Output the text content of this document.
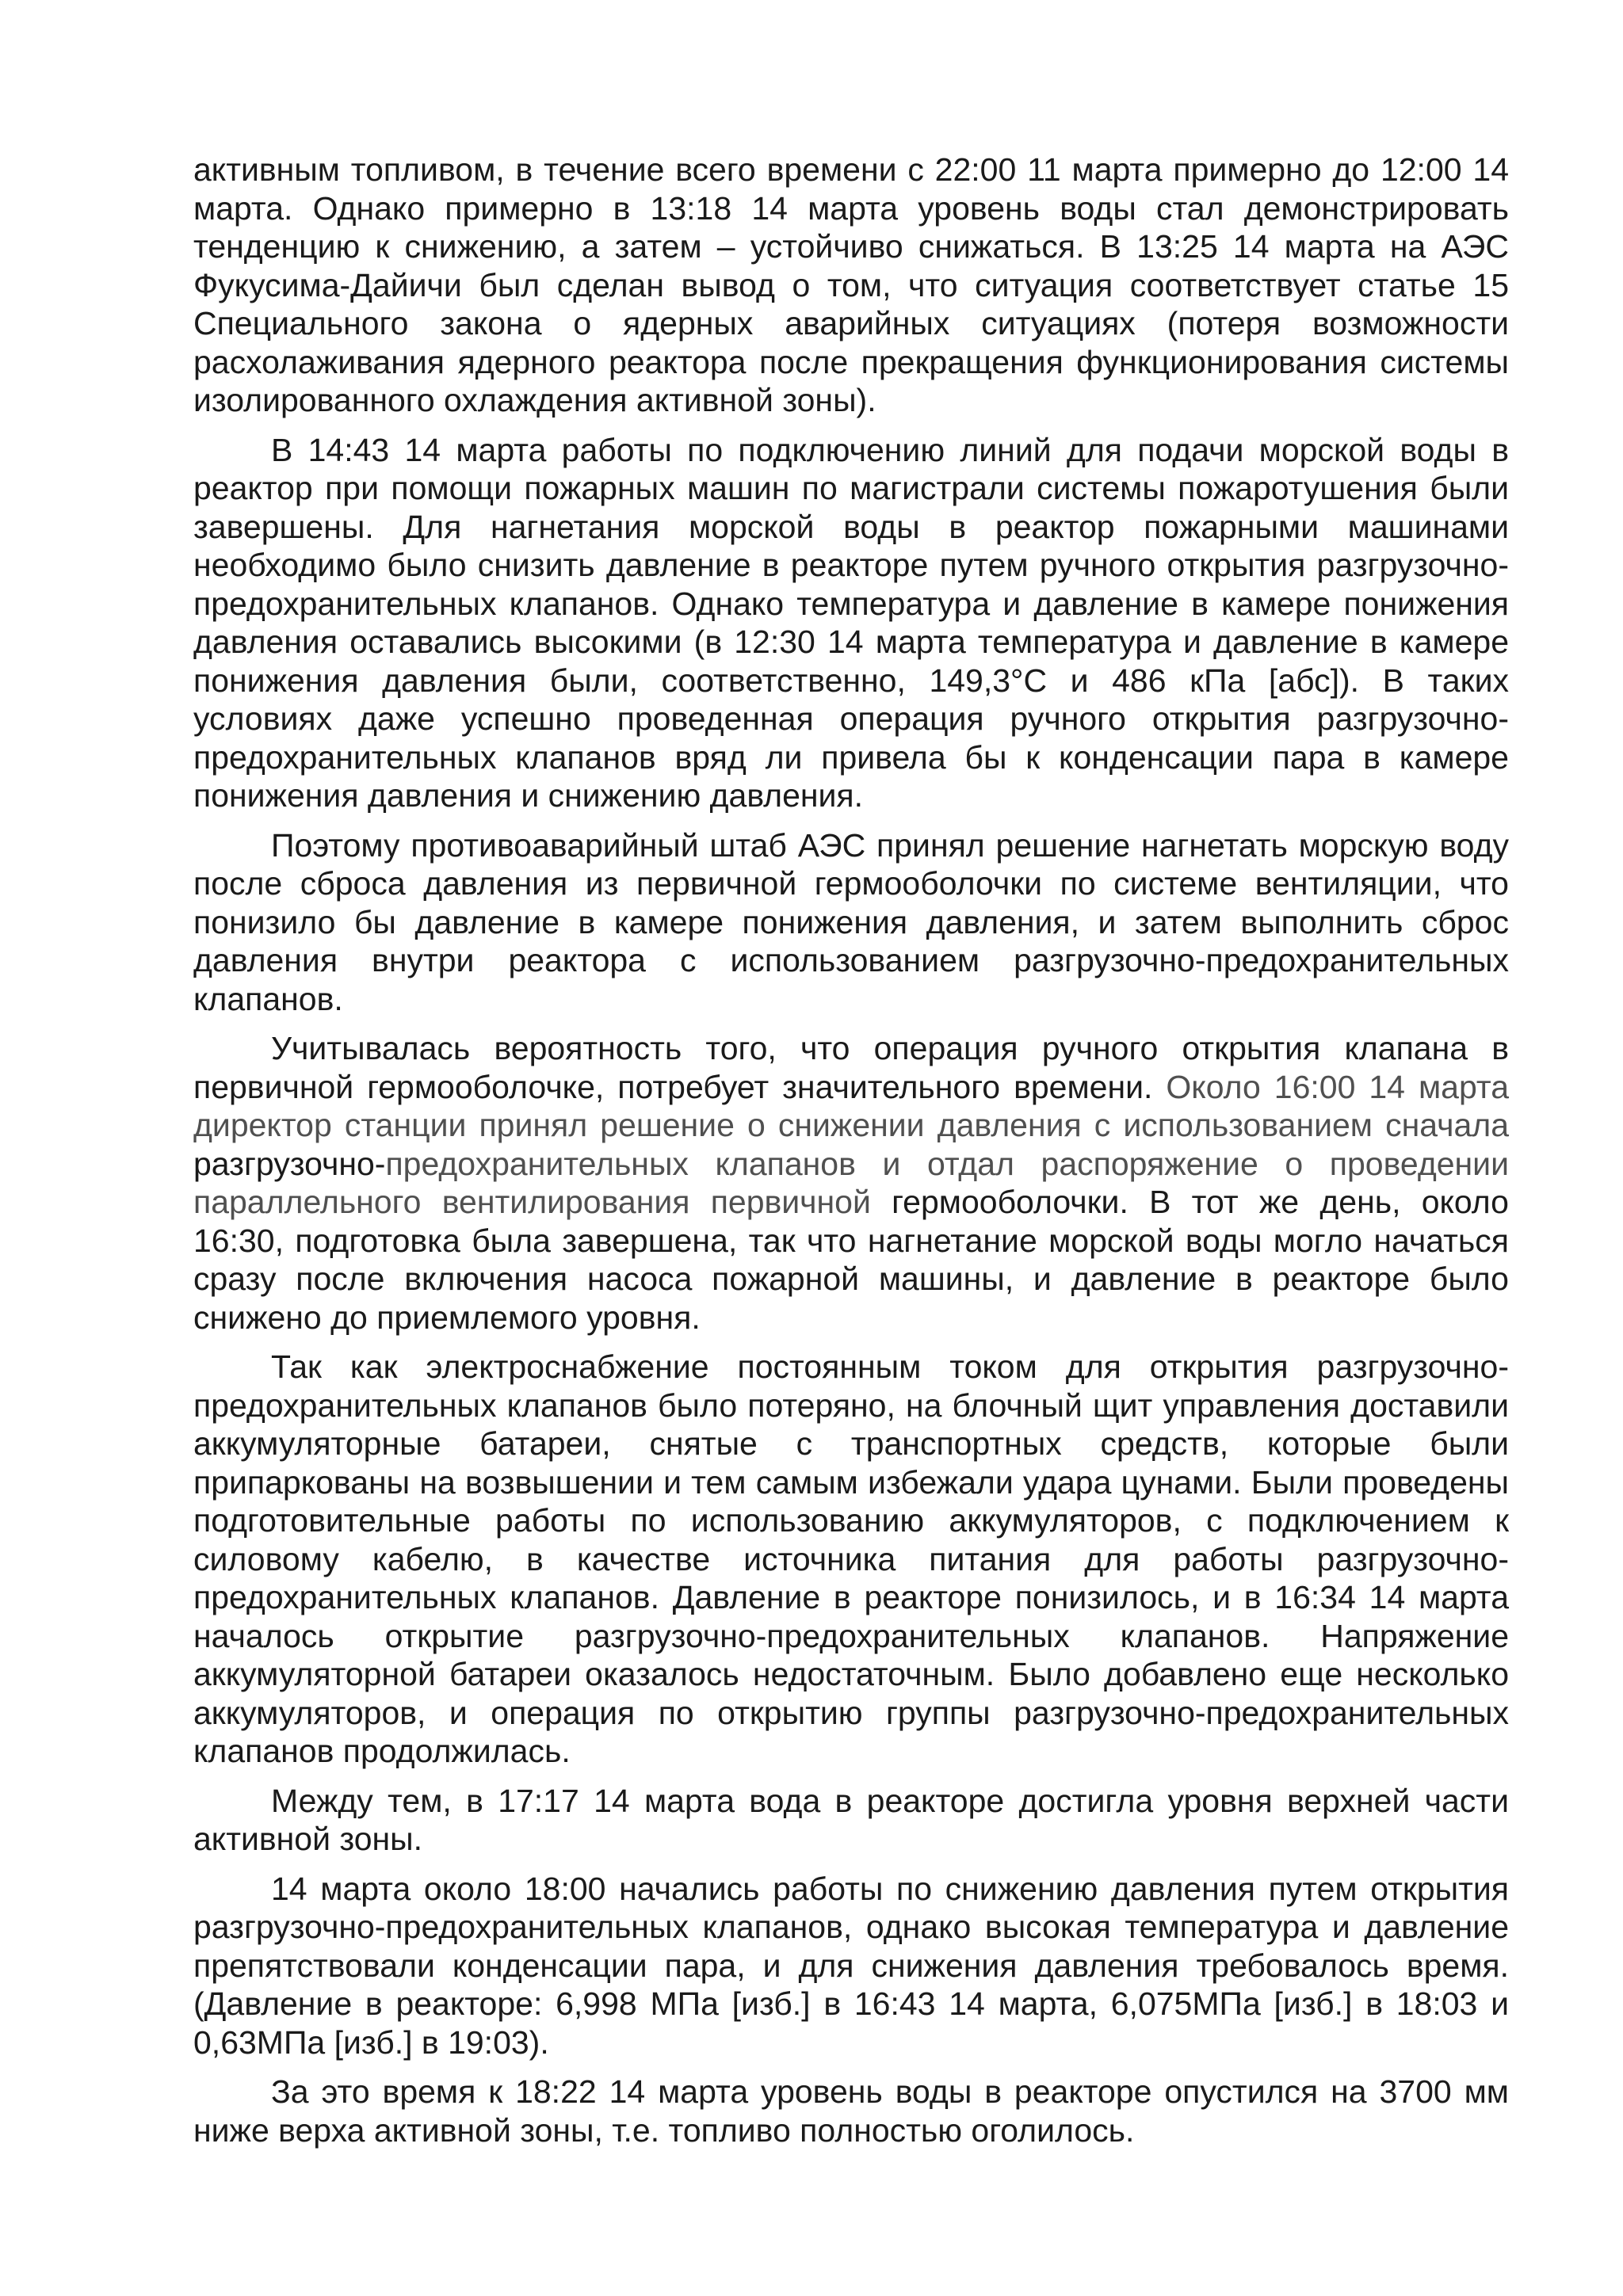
активным топливом, в течение всего времени с 22:00 11 марта примерно до 12:00 14 марта. Однако примерно в 13:18 14 марта уровень воды стал демонстрировать тенденцию к снижению, а затем – устойчиво снижаться. В 13:25 14 марта на АЭС Фукусима-Дайичи был сделан вывод о том, что ситуация соответствует статье 15 Специального закона о ядерных аварийных ситуациях (потеря возможности расхолаживания ядерного реактора после прекращения функционирования системы изолированного охлаждения активной зоны).

В 14:43 14 марта работы по подключению линий для подачи морской воды в реактор при помощи пожарных машин по магистрали системы пожаротушения были завершены. Для нагнетания морской воды в реактор пожарными машинами необходимо было снизить давление в реакторе путем ручного открытия разгрузочно-предохранительных клапанов. Однако температура и давление в камере понижения давления оставались высокими (в 12:30 14 марта температура и давление в камере понижения давления были, соответственно, 149,3°С и 486 кПа [абс]). В таких условиях даже успешно проведенная операция ручного открытия разгрузочно-предохранительных клапанов вряд ли привела бы к конденсации пара в камере понижения давления и снижению давления.

Поэтому противоаварийный штаб АЭС принял решение нагнетать морскую воду после сброса давления из первичной гермооболочки по системе вентиляции, что понизило бы давление в камере понижения давления, и затем выполнить сброс давления внутри реактора с использованием разгрузочно-предохранительных клапанов.

Учитывалась вероятность того, что операция ручного открытия клапана в первичной гермооболочке, потребует значительного времени. Около 16:00 14 марта директор станции принял решение о снижении давления с использованием сначала разгрузочно-предохранительных клапанов и отдал распоряжение о проведении параллельного вентилирования первичной гермооболочки. В тот же день, около 16:30, подготовка была завершена, так что нагнетание морской воды могло начаться сразу после включения насоса пожарной машины, и давление в реакторе было снижено до приемлемого уровня.

Так как электроснабжение постоянным током для открытия разгрузочно-предохранительных клапанов было потеряно, на блочный щит управления доставили аккумуляторные батареи, снятые с транспортных средств, которые были припаркованы на возвышении и тем самым избежали удара цунами. Были проведены подготовительные работы по использованию аккумуляторов, с подключением к силовому кабелю, в качестве источника питания для работы разгрузочно-предохранительных клапанов. Давление в реакторе понизилось, и в 16:34 14 марта началось открытие разгрузочно-предохранительных клапанов. Напряжение аккумуляторной батареи оказалось недостаточным. Было добавлено еще несколько аккумуляторов, и операция по открытию группы разгрузочно-предохранительных клапанов продолжилась.

Между тем, в 17:17 14 марта вода в реакторе достигла уровня верхней части активной зоны.

14 марта около 18:00 начались работы по снижению давления путем открытия разгрузочно-предохранительных клапанов, однако высокая температура и давление препятствовали конденсации пара, и для снижения давления требовалось время. (Давление в реакторе: 6,998 МПа [изб.] в 16:43 14 марта, 6,075МПа [изб.] в 18:03 и 0,63МПа [изб.] в 19:03).

За это время к 18:22 14 марта уровень воды в реакторе опустился на 3700 мм ниже верха активной зоны, т.е. топливо полностью оголилось.
